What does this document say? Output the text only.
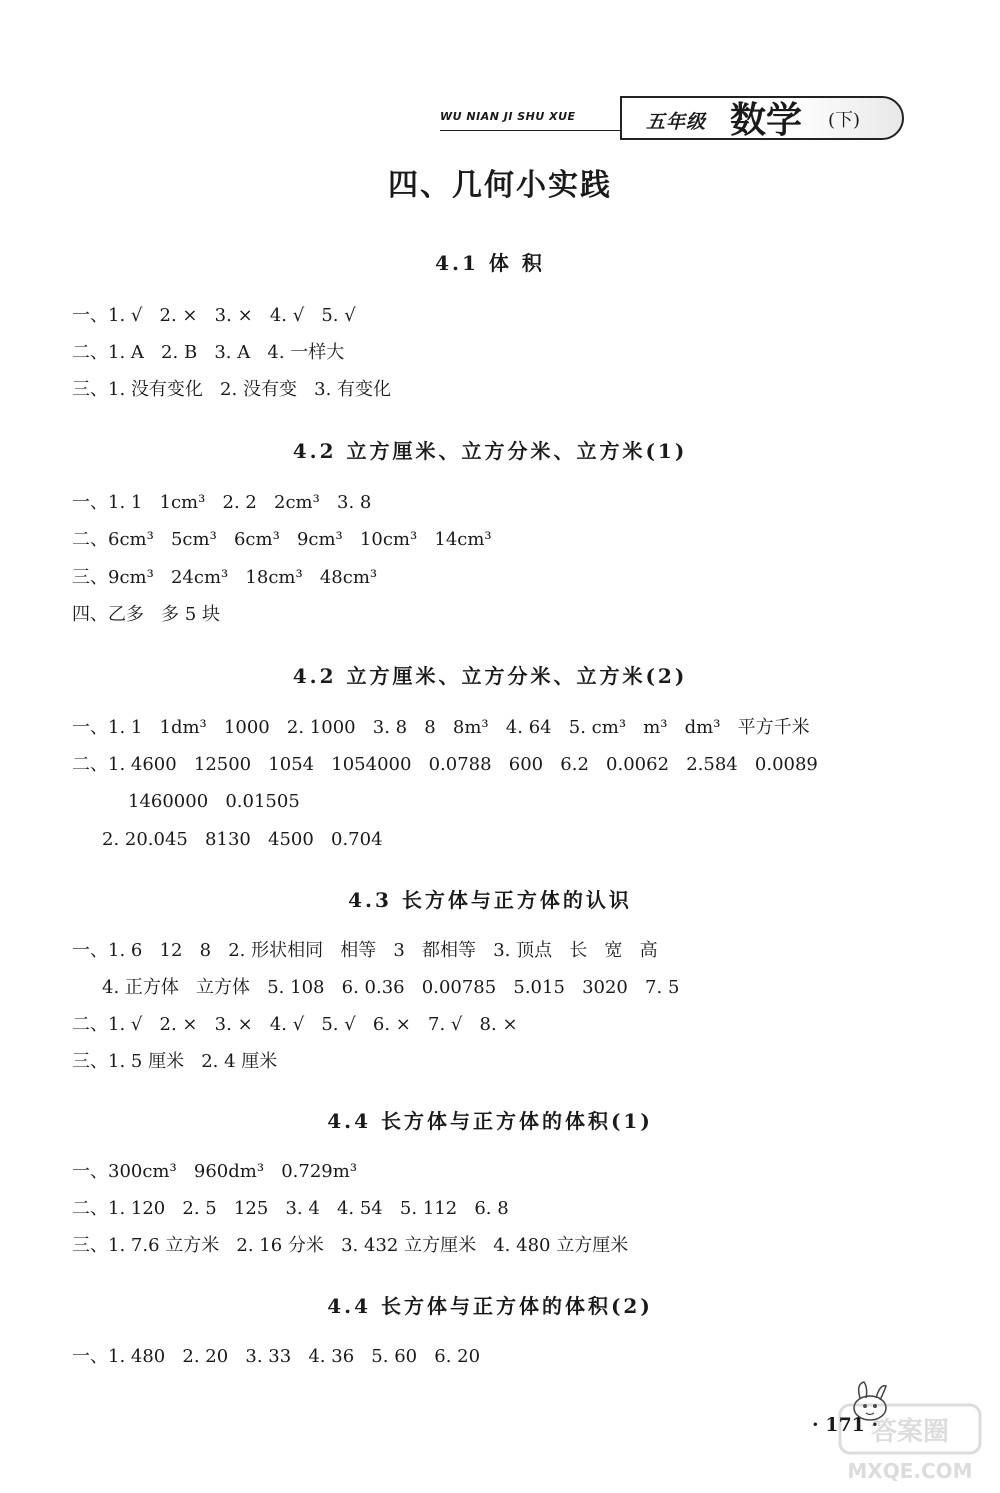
WU NIAN JI SHU XUE	五年级 数学 (下)
四、几何小实践
4.1 体 积
一、1. √   2. ×   3. ×   4. √   5. √
二、1. A   2. B   3. A   4. 一样大
三、1. 没有变化   2. 没有变   3. 有变化
4.2 立方厘米、立方分米、立方米(1)
一、1. 1   1cm³   2. 2   2cm³   3. 8
二、6cm³   5cm³   6cm³   9cm³   10cm³   14cm³
三、9cm³   24cm³   18cm³   48cm³
四、乙多   多 5 块
4.2 立方厘米、立方分米、立方米(2)
一、1. 1   1dm³   1000   2. 1000   3. 8   8   8m³   4. 64   5. cm³   m³   dm³   平方千米
二、1. 4600   12500   1054   1054000   0.0788   600   6.2   0.0062   2.584   0.0089
1460000   0.01505
2. 20.045   8130   4500   0.704
4.3 长方体与正方体的认识
一、1. 6   12   8   2. 形状相同   相等   3   都相等   3. 顶点   长   宽   高
4. 正方体   立方体   5. 108   6. 0.36   0.00785   5.015   3020   7. 5
二、1. √   2. ×   3. ×   4. √   5. √   6. ×   7. √   8. ×
三、1. 5 厘米   2. 4 厘米
4.4 长方体与正方体的体积(1)
一、300cm³   960dm³   0.729m³
二、1. 120   2. 5   125   3. 4   4. 54   5. 112   6. 8
三、1. 7.6 立方米   2. 16 分米   3. 432 立方厘米   4. 480 立方厘米
4.4 长方体与正方体的体积(2)
一、1. 480   2. 20   3. 33   4. 36   5. 60   6. 20
· 171 ·
答案圈
MXQE.COM
